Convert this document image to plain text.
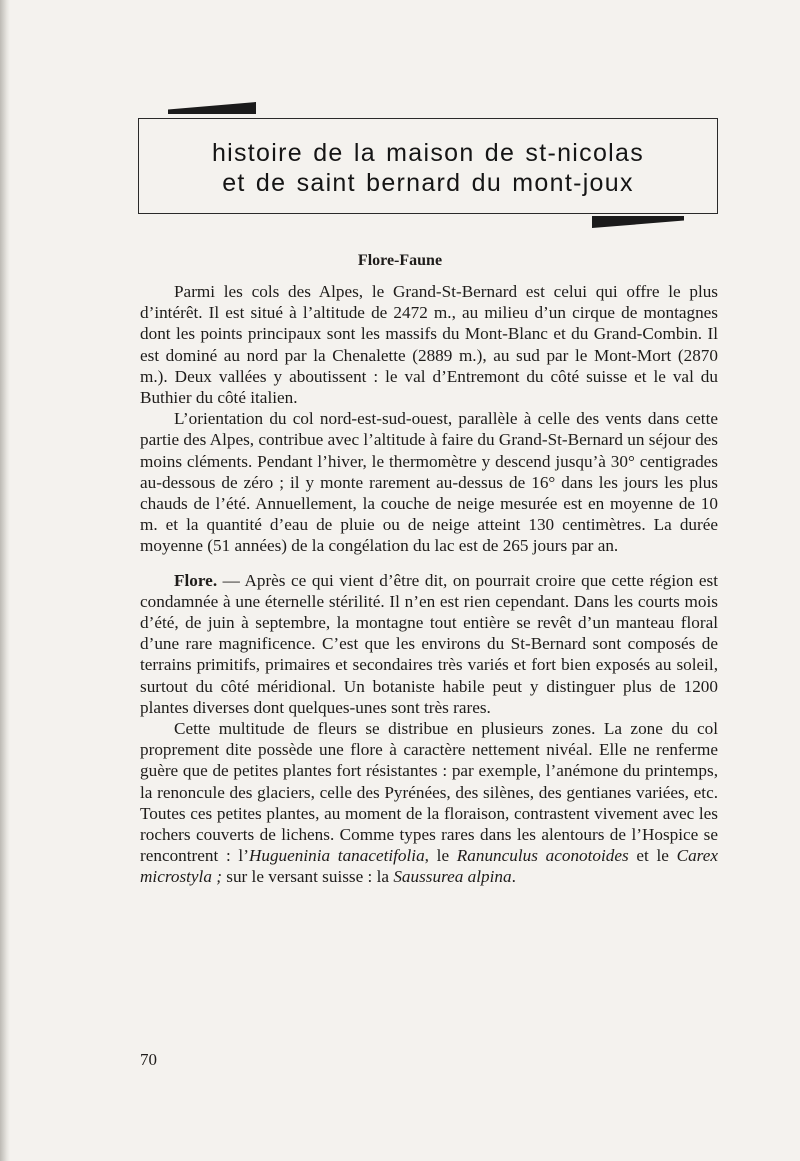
histoire de la maison de st-nicolas
et de saint bernard du mont-joux
Flore-Faune

Parmi les cols des Alpes, le Grand-St-Bernard est celui qui offre le plus d’intérêt. Il est situé à l’altitude de 2472 m., au milieu d’un cirque de montagnes dont les points principaux sont les massifs du Mont-Blanc et du Grand-Combin. Il est dominé au nord par la Chenalette (2889 m.), au sud par le Mont-Mort (2870 m.). Deux vallées y aboutissent : le val d’Entremont du côté suisse et le val du Buthier du côté italien.

L’orientation du col nord-est-sud-ouest, parallèle à celle des vents dans cette partie des Alpes, contribue avec l’altitude à faire du Grand-St-Bernard un séjour des moins cléments. Pendant l’hiver, le thermomètre y descend jusqu’à 30° centigrades au-dessous de zéro ; il y monte rarement au-dessus de 16° dans les jours les plus chauds de l’été. Annuellement, la couche de neige mesurée est en moyenne de 10 m. et la quantité d’eau de pluie ou de neige atteint 130 centimètres. La durée moyenne (51 années) de la congélation du lac est de 265 jours par an.

Flore. — Après ce qui vient d’être dit, on pourrait croire que cette région est condamnée à une éternelle stérilité. Il n’en est rien cependant. Dans les courts mois d’été, de juin à septembre, la montagne tout entière se revêt d’un manteau floral d’une rare magnificence. C’est que les environs du St-Bernard sont composés de terrains primitifs, primaires et secondaires très variés et fort bien exposés au soleil, surtout du côté méridional. Un botaniste habile peut y distinguer plus de 1200 plantes diverses dont quelques-unes sont très rares.

Cette multitude de fleurs se distribue en plusieurs zones. La zone du col proprement dite possède une flore à caractère nettement nivéal. Elle ne renferme guère que de petites plantes fort résistantes : par exemple, l’anémone du printemps, la renoncule des glaciers, celle des Pyrénées, des silènes, des gentianes variées, etc. Toutes ces petites plantes, au moment de la floraison, contrastent vivement avec les rochers couverts de lichens. Comme types rares dans les alentours de l’Hospice se rencontrent : l’Hugueninia tanacetifolia, le Ranunculus aconotoides et le Carex microstyla ; sur le versant suisse : la Saussurea alpina.

70
